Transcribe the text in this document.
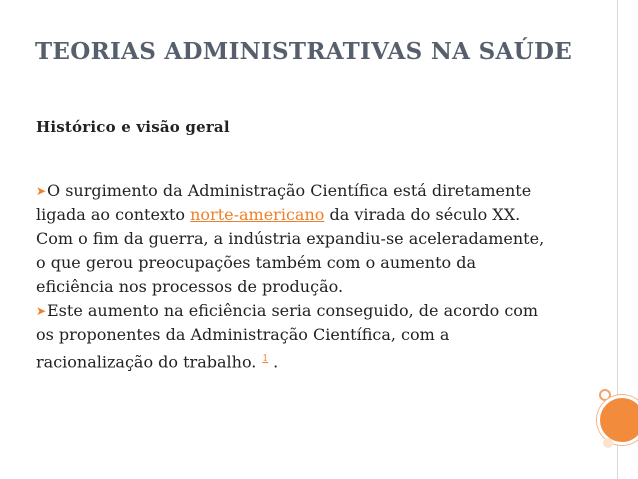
TEORIAS ADMINISTRATIVAS NA SAÚDE
Histórico e visão geral

➤O surgimento da Administração Científica está diretamente ligada ao contexto norte-americano da virada do século XX. Com o fim da guerra, a indústria expandiu-se aceleradamente, o que gerou preocupações também com o aumento da eficiência nos processos de produção.

➤Este aumento na eficiência seria conseguido, de acordo com os proponentes da Administração Científica, com a racionalização do trabalho. $^1$ .
